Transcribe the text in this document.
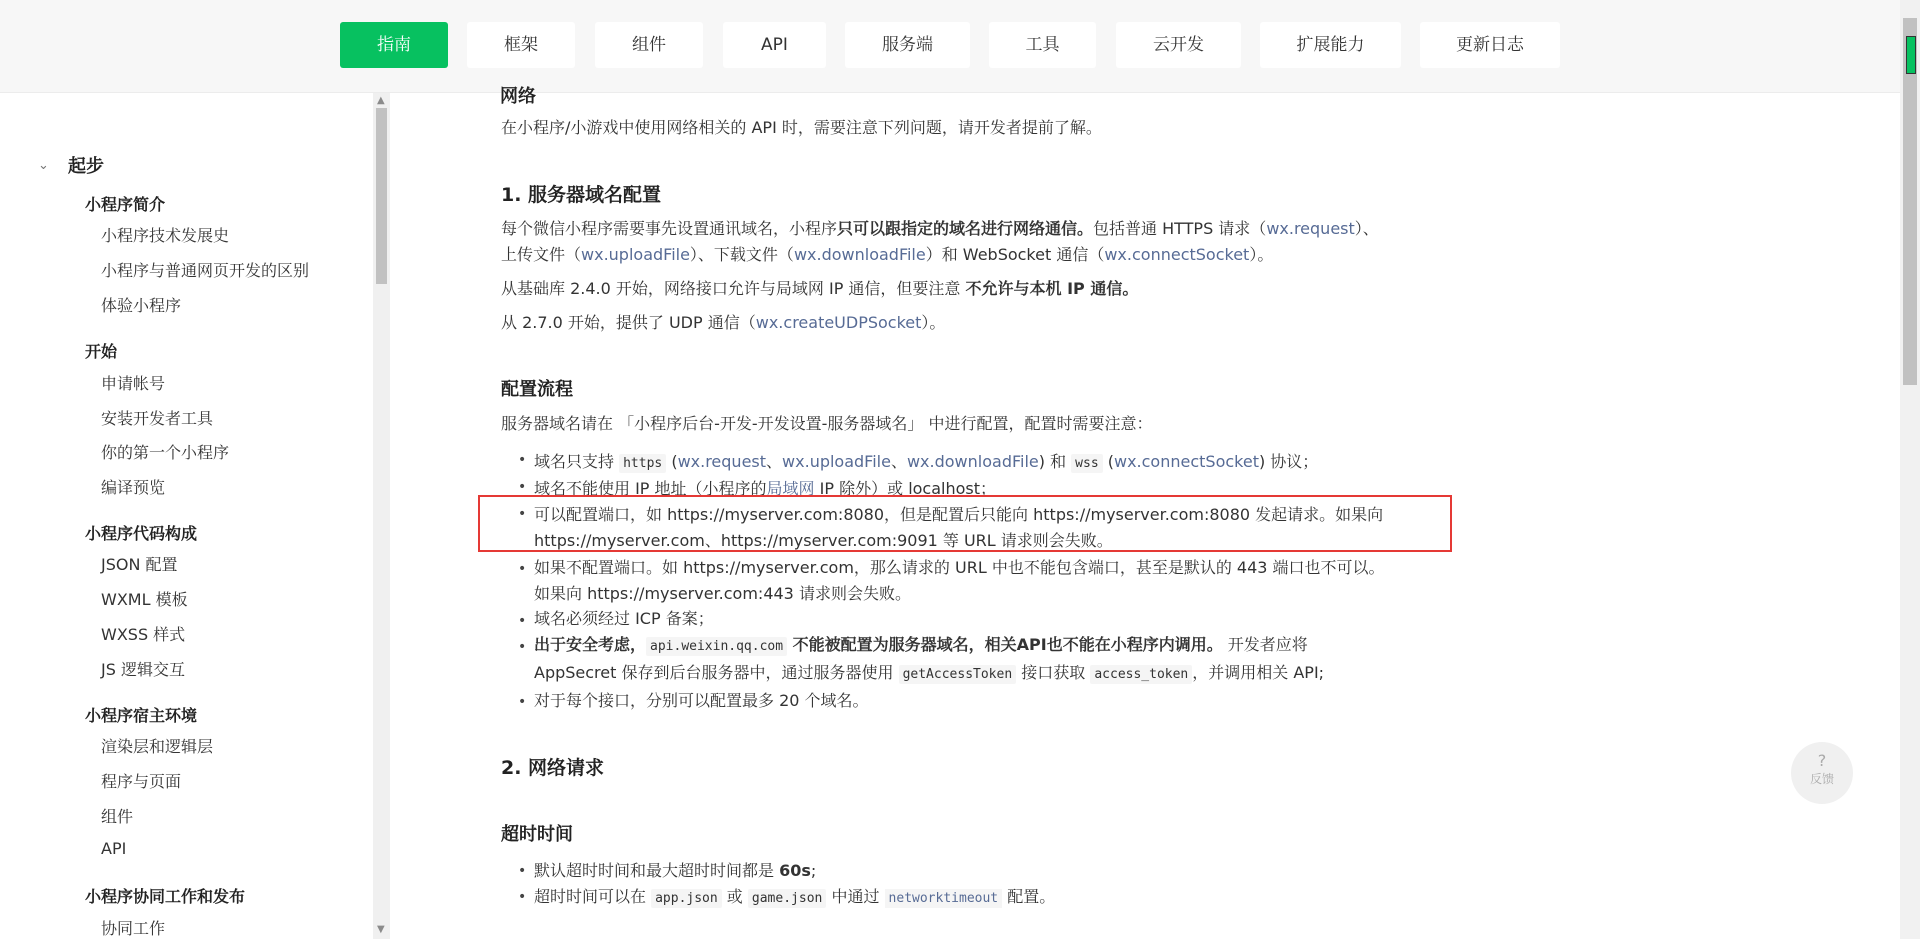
指南	框架	组件	API	服务端	工具	云开发	扩展能力	更新日志
⌄ 起步
小程序简介
小程序技术发展史
小程序与普通网页开发的区别
体验小程序
开始
申请帐号
安装开发者工具
你的第一个小程序
编译预览
小程序代码构成
JSON 配置
WXML 模板
WXSS 样式
JS 逻辑交互
小程序宿主环境
渲染层和逻辑层
程序与页面
组件
API
小程序协同工作和发布
协同工作
▲
▼
网络
在小程序/小游戏中使用网络相关的 API 时，需要注意下列问题，请开发者提前了解。
1. 服务器域名配置
每个微信小程序需要事先设置通讯域名，小程序只可以跟指定的域名进行网络通信。包括普通 HTTPS 请求（wx.request）、
上传文件（wx.uploadFile）、下载文件（wx.downloadFile）和 WebSocket 通信（wx.connectSocket）。
从基础库 2.4.0 开始，网络接口允许与局域网 IP 通信，但要注意 不允许与本机 IP 通信。
从 2.7.0 开始，提供了 UDP 通信（wx.createUDPSocket）。
配置流程
服务器域名请在 「小程序后台-开发-开发设置-服务器域名」 中进行配置，配置时需要注意：
• 域名只支持 https (wx.request、wx.uploadFile、wx.downloadFile) 和 wss (wx.connectSocket) 协议；
• 域名不能使用 IP 地址（小程序的局域网 IP 除外）或 localhost；
• 可以配置端口，如 https://myserver.com:8080，但是配置后只能向 https://myserver.com:8080 发起请求。如果向 https://myserver.com、https://myserver.com:9091 等 URL 请求则会失败。
• 如果不配置端口。如 https://myserver.com，那么请求的 URL 中也不能包含端口，甚至是默认的 443 端口也不可以。如果向 https://myserver.com:443 请求则会失败。
• 域名必须经过 ICP 备案；
• 出于安全考虑， api.weixin.qq.com 不能被配置为服务器域名，相关API也不能在小程序内调用。 开发者应将 AppSecret 保存到后台服务器中，通过服务器使用 getAccessToken 接口获取 access_token ，并调用相关 API;
• 对于每个接口，分别可以配置最多 20 个域名。
2. 网络请求
超时时间
• 默认超时时间和最大超时时间都是 60s;
• 超时时间可以在 app.json 或 game.json 中通过 networktimeout 配置。
?
反馈
